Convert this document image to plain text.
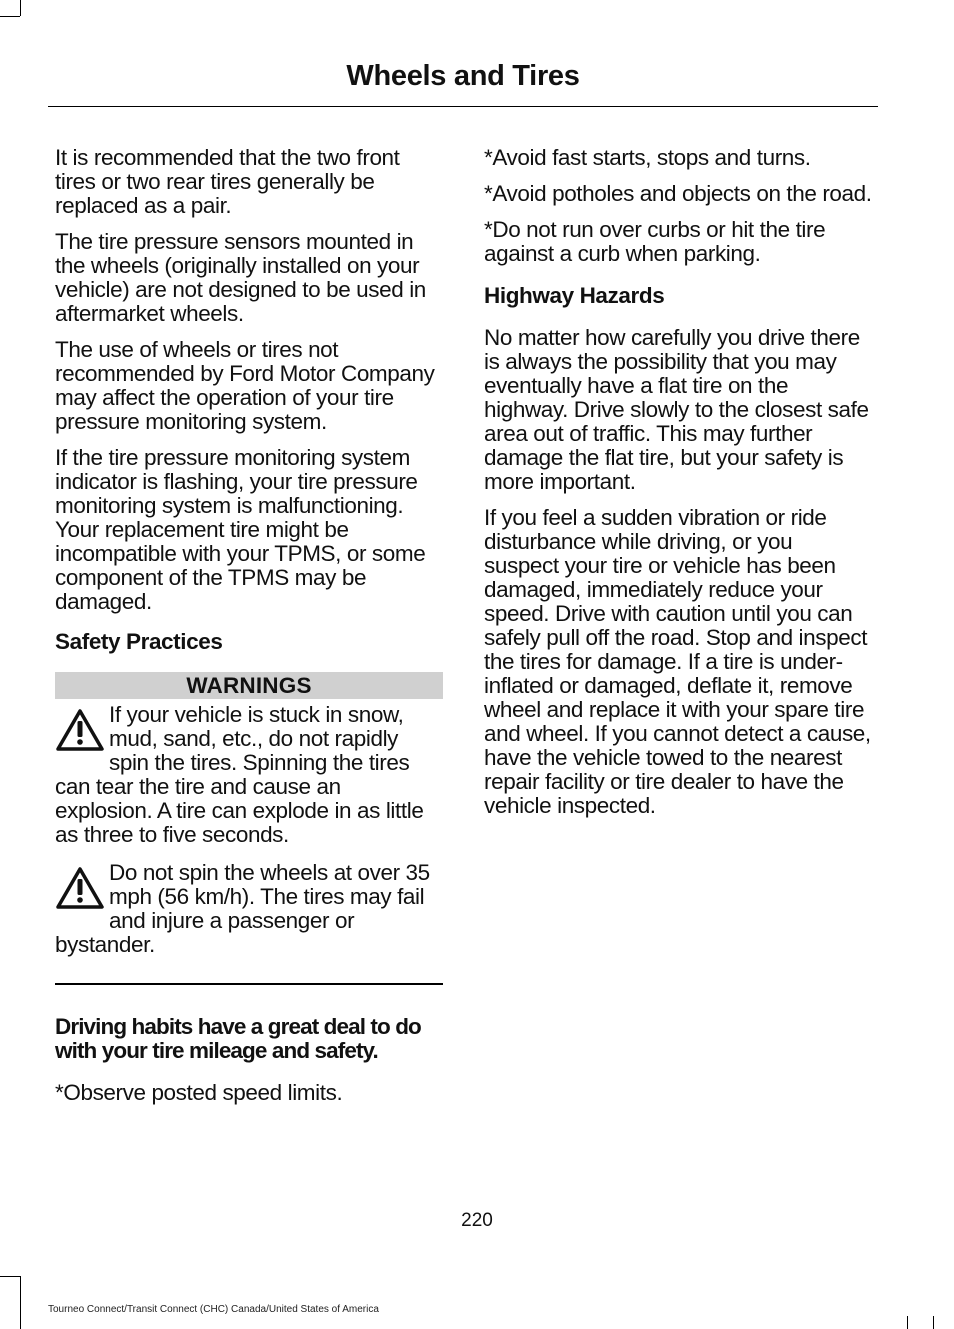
Wheels and Tires

It is recommended that the two front tires or two rear tires generally be replaced as a pair.

The tire pressure sensors mounted in the wheels (originally installed on your vehicle) are not designed to be used in aftermarket wheels.

The use of wheels or tires not recommended by Ford Motor Company may affect the operation of your tire pressure monitoring system.

If the tire pressure monitoring system indicator is flashing, your tire pressure monitoring system is malfunctioning. Your replacement tire might be incompatible with your TPMS, or some component of the TPMS may be damaged.

Safety Practices
WARNINGS
If your vehicle is stuck in snow, mud, sand, etc., do not rapidly spin the tires. Spinning the tires can tear the tire and cause an explosion. A tire can explode in as little as three to five seconds.
Do not spin the wheels at over 35 mph (56 km/h). The tires may fail and injure a passenger or bystander.

Driving habits have a great deal to do with your tire mileage and safety.

*Observe posted speed limits.

*Avoid fast starts, stops and turns.

*Avoid potholes and objects on the road.

*Do not run over curbs or hit the tire against a curb when parking.

Highway Hazards

No matter how carefully you drive there is always the possibility that you may eventually have a flat tire on the highway. Drive slowly to the closest safe area out of traffic. This may further damage the flat tire, but your safety is more important.

If you feel a sudden vibration or ride disturbance while driving, or you suspect your tire or vehicle has been damaged, immediately reduce your speed. Drive with caution until you can safely pull off the road. Stop and inspect the tires for damage. If a tire is under-inflated or damaged, deflate it, remove wheel and replace it with your spare tire and wheel. If you cannot detect a cause, have the vehicle towed to the nearest repair facility or tire dealer to have the vehicle inspected.

220
Tourneo Connect/Transit Connect (CHC) Canada/United States of America
